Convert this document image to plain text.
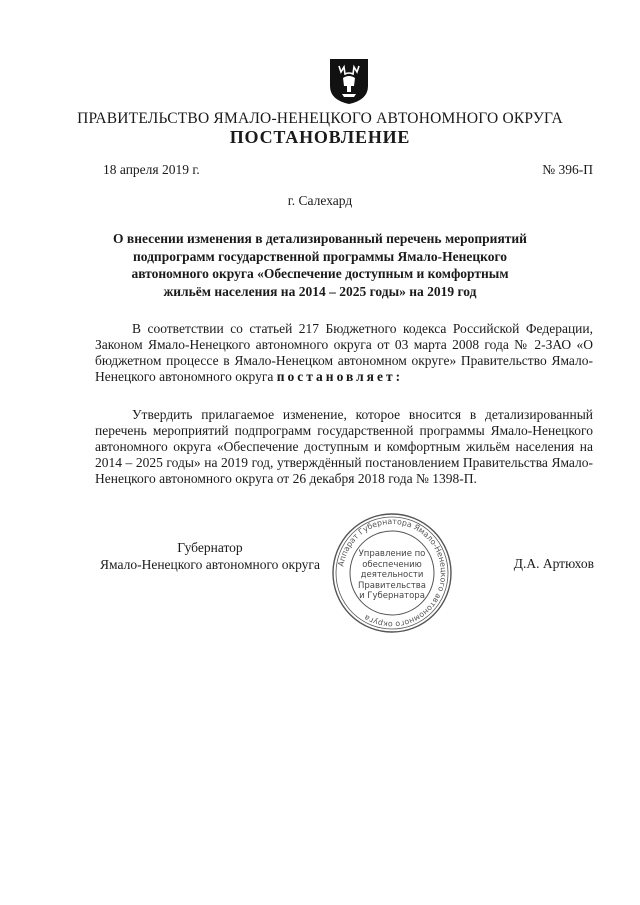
ПРАВИТЕЛЬСТВО ЯМАЛО-НЕНЕЦКОГО АВТОНОМНОГО ОКРУГА
ПОСТАНОВЛЕНИЕ
18 апреля 2019 г.	№ 396-П
г. Салехард
О внесении изменения в детализированный перечень мероприятий подпрограмм государственной программы Ямало-Ненецкого автономного округа «Обеспечение доступным и комфортным жильём населения на 2014 – 2025 годы» на 2019 год
В соответствии со статьей 217 Бюджетного кодекса Российской Федерации, Законом Ямало-Ненецкого автономного округа от 03 марта 2008 года № 2-ЗАО «О бюджетном процессе в Ямало-Ненецком автономном округе» Правительство Ямало-Ненецкого автономного округа постановляет:
Утвердить прилагаемое изменение, которое вносится в детализированный перечень мероприятий подпрограмм государственной программы Ямало-Ненецкого автономного округа «Обеспечение доступным и комфортным жильём населения на 2014 – 2025 годы» на 2019 год, утверждённый постановлением Правительства Ямало-Ненецкого автономного округа от 26 декабря 2018 года № 1398-П.
Губернатор
Ямало-Ненецкого автономного округа	Аппарат Губернатора Ямало-Ненецкого автономного округа
Управление по
обеспечению
деятельности
Правительства
и Губернатора
Д.А. Артюхов
